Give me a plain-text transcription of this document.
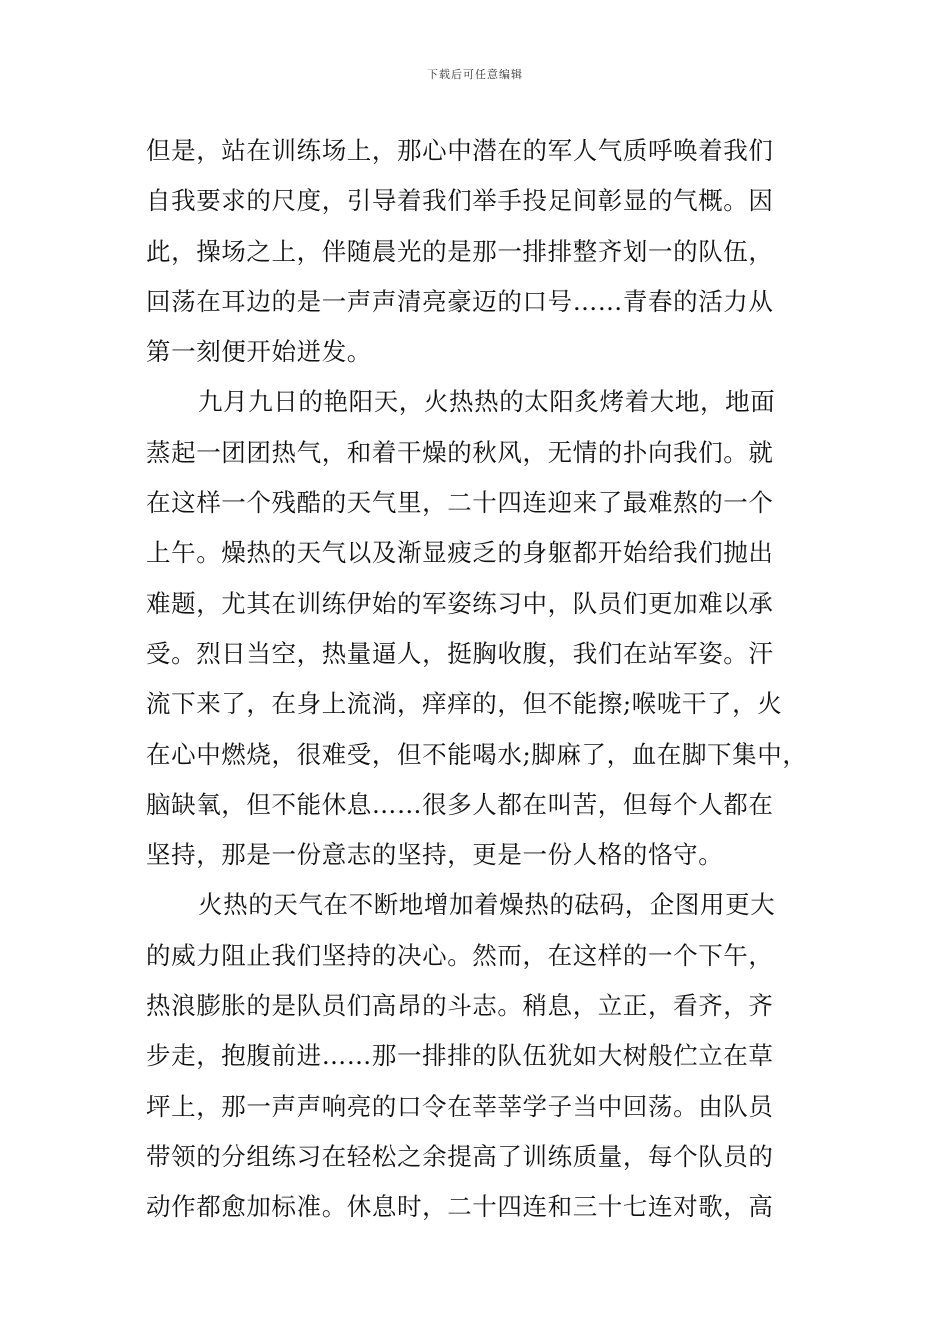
下载后可任意编辑
但是，站在训练场上，那心中潜在的军人气质呼唤着我们
自我要求的尺度，引导着我们举手投足间彰显的气概。因
此，操场之上，伴随晨光的是那一排排整齐划一的队伍，
回荡在耳边的是一声声清亮豪迈的口号……青春的活力从
第一刻便开始迸发。
九月九日的艳阳天，火热热的太阳炙烤着大地，地面
蒸起一团团热气，和着干燥的秋风，无情的扑向我们。就
在这样一个残酷的天气里，二十四连迎来了最难熬的一个
上午。燥热的天气以及渐显疲乏的身躯都开始给我们抛出
难题，尤其在训练伊始的军姿练习中，队员们更加难以承
受。烈日当空，热量逼人，挺胸收腹，我们在站军姿。汗
流下来了，在身上流淌，痒痒的，但不能擦;喉咙干了，火
在心中燃烧，很难受，但不能喝水;脚麻了，血在脚下集中，
脑缺氧，但不能休息……很多人都在叫苦，但每个人都在
坚持，那是一份意志的坚持，更是一份人格的恪守。
火热的天气在不断地增加着燥热的砝码，企图用更大
的威力阻止我们坚持的决心。然而，在这样的一个下午，
热浪膨胀的是队员们高昂的斗志。稍息，立正，看齐，齐
步走，抱腹前进……那一排排的队伍犹如大树般伫立在草
坪上，那一声声响亮的口令在莘莘学子当中回荡。由队员
带领的分组练习在轻松之余提高了训练质量，每个队员的
动作都愈加标准。休息时，二十四连和三十七连对歌，高
